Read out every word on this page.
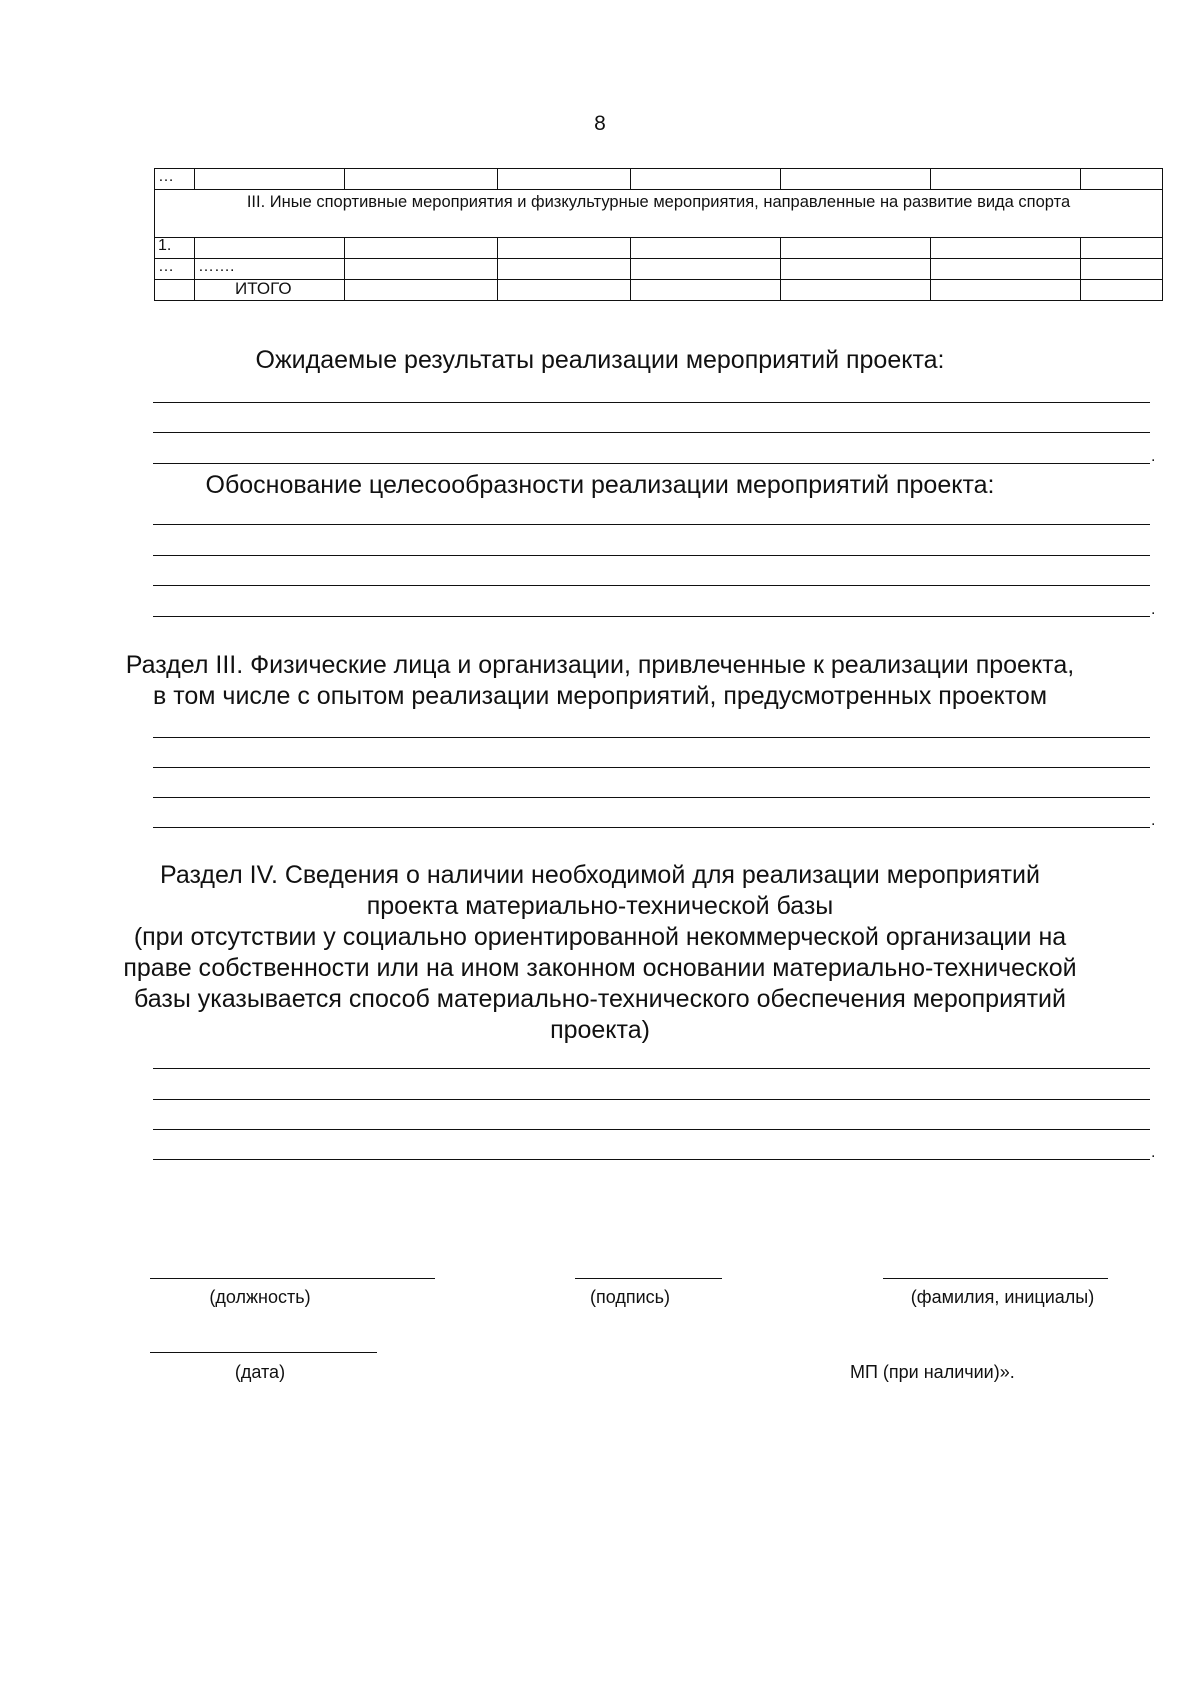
8
…							
III. Иные спортивные мероприятия и физкультурные мероприятия, направленные на развитие вида спорта							
1.							
…	…….						
	ИТОГО						
Ожидаемые результаты реализации мероприятий проекта:
.
Обоснование целесообразности реализации мероприятий проекта:
.
Раздел III. Физические лица и организации, привлеченные к реализации проекта,
в том числе с опытом реализации мероприятий, предусмотренных проектом
.
Раздел IV. Сведения о наличии необходимой для реализации мероприятий
проекта материально-технической базы
(при отсутствии у социально ориентированной некоммерческой организации на
праве собственности или на ином законном основании материально-технической
базы указывается способ материально-технического обеспечения мероприятий
проекта)
.
(должность)	(подпись)	(фамилия, инициалы)
(дата)	МП (при наличии)».
